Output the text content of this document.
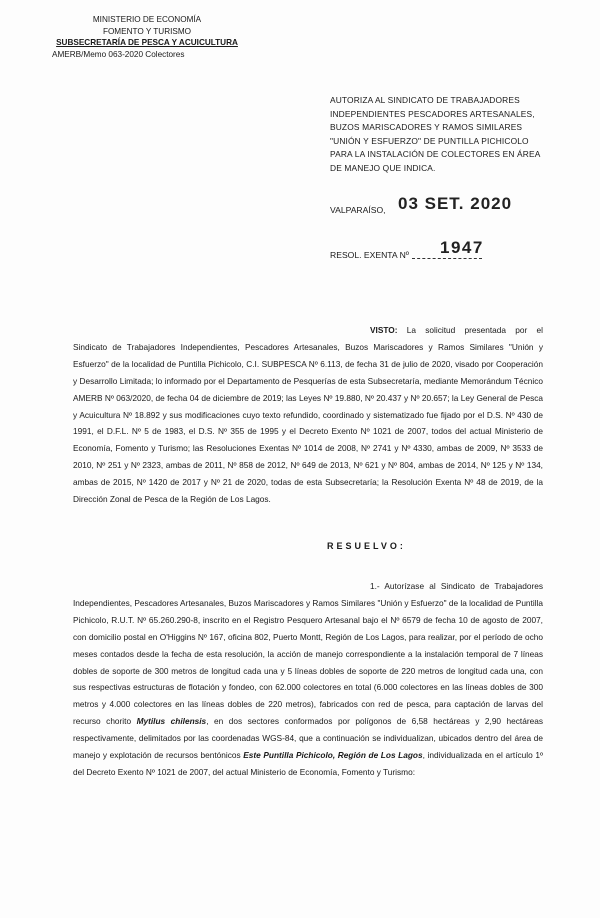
MINISTERIO DE ECONOMÍA
FOMENTO Y TURISMO
SUBSECRETARÍA DE PESCA Y ACUICULTURA
AMERB/Memo 063-2020 Colectores
AUTORIZA AL SINDICATO DE TRABAJADORES INDEPENDIENTES PESCADORES ARTESANALES, BUZOS MARISCADORES Y RAMOS SIMILARES "UNIÓN Y ESFUERZO" DE PUNTILLA PICHICOLO PARA LA INSTALACIÓN DE COLECTORES EN ÁREA DE MANEJO QUE INDICA.
VALPARAÍSO, 03 SET. 2020
RESOL. EXENTA Nº 1947
VISTO: La solicitud presentada por el Sindicato de Trabajadores Independientes, Pescadores Artesanales, Buzos Mariscadores y Ramos Similares "Unión y Esfuerzo" de la localidad de Puntilla Pichicolo, C.I. SUBPESCA Nº 6.113, de fecha 31 de julio de 2020, visado por Cooperación y Desarrollo Limitada; lo informado por el Departamento de Pesquerías de esta Subsecretaría, mediante Memorándum Técnico AMERB Nº 063/2020, de fecha 04 de diciembre de 2019; las Leyes Nº 19.880, Nº 20.437 y Nº 20.657; la Ley General de Pesca y Acuicultura Nº 18.892 y sus modificaciones cuyo texto refundido, coordinado y sistematizado fue fijado por el D.S. Nº 430 de 1991, el D.F.L. Nº 5 de 1983, el D.S. Nº 355 de 1995 y el Decreto Exento Nº 1021 de 2007, todos del actual Ministerio de Economía, Fomento y Turismo; las Resoluciones Exentas Nº 1014 de 2008, Nº 2741 y Nº 4330, ambas de 2009, Nº 3533 de 2010, Nº 251 y Nº 2323, ambas de 2011, Nº 858 de 2012, Nº 649 de 2013, Nº 621 y Nº 804, ambas de 2014, Nº 125 y Nº 134, ambas de 2015, Nº 1420 de 2017 y Nº 21 de 2020, todas de esta Subsecretaría; la Resolución Exenta Nº 48 de 2019, de la Dirección Zonal de Pesca de la Región de Los Lagos.
RESUELVO:
1.- Autorízase al Sindicato de Trabajadores Independientes, Pescadores Artesanales, Buzos Mariscadores y Ramos Similares "Unión y Esfuerzo" de la localidad de Puntilla Pichicolo, R.U.T. Nº 65.260.290-8, inscrito en el Registro Pesquero Artesanal bajo el Nº 6579 de fecha 10 de agosto de 2007, con domicilio postal en O'Higgins Nº 167, oficina 802, Puerto Montt, Región de Los Lagos, para realizar, por el período de ocho meses contados desde la fecha de esta resolución, la acción de manejo correspondiente a la instalación temporal de 7 líneas dobles de soporte de 300 metros de longitud cada una y 5 líneas dobles de soporte de 220 metros de longitud cada una, con sus respectivas estructuras de flotación y fondeo, con 62.000 colectores en total (6.000 colectores en las líneas dobles de 300 metros y 4.000 colectores en las líneas dobles de 220 metros), fabricados con red de pesca, para captación de larvas del recurso chorito Mytilus chilensis, en dos sectores conformados por polígonos de 6,58 hectáreas y 2,90 hectáreas respectivamente, delimitados por las coordenadas WGS-84, que a continuación se individualizan, ubicados dentro del área de manejo y explotación de recursos bentónicos Este Puntilla Pichicolo, Región de Los Lagos, individualizada en el artículo 1º del Decreto Exento Nº 1021 de 2007, del actual Ministerio de Economía, Fomento y Turismo:
